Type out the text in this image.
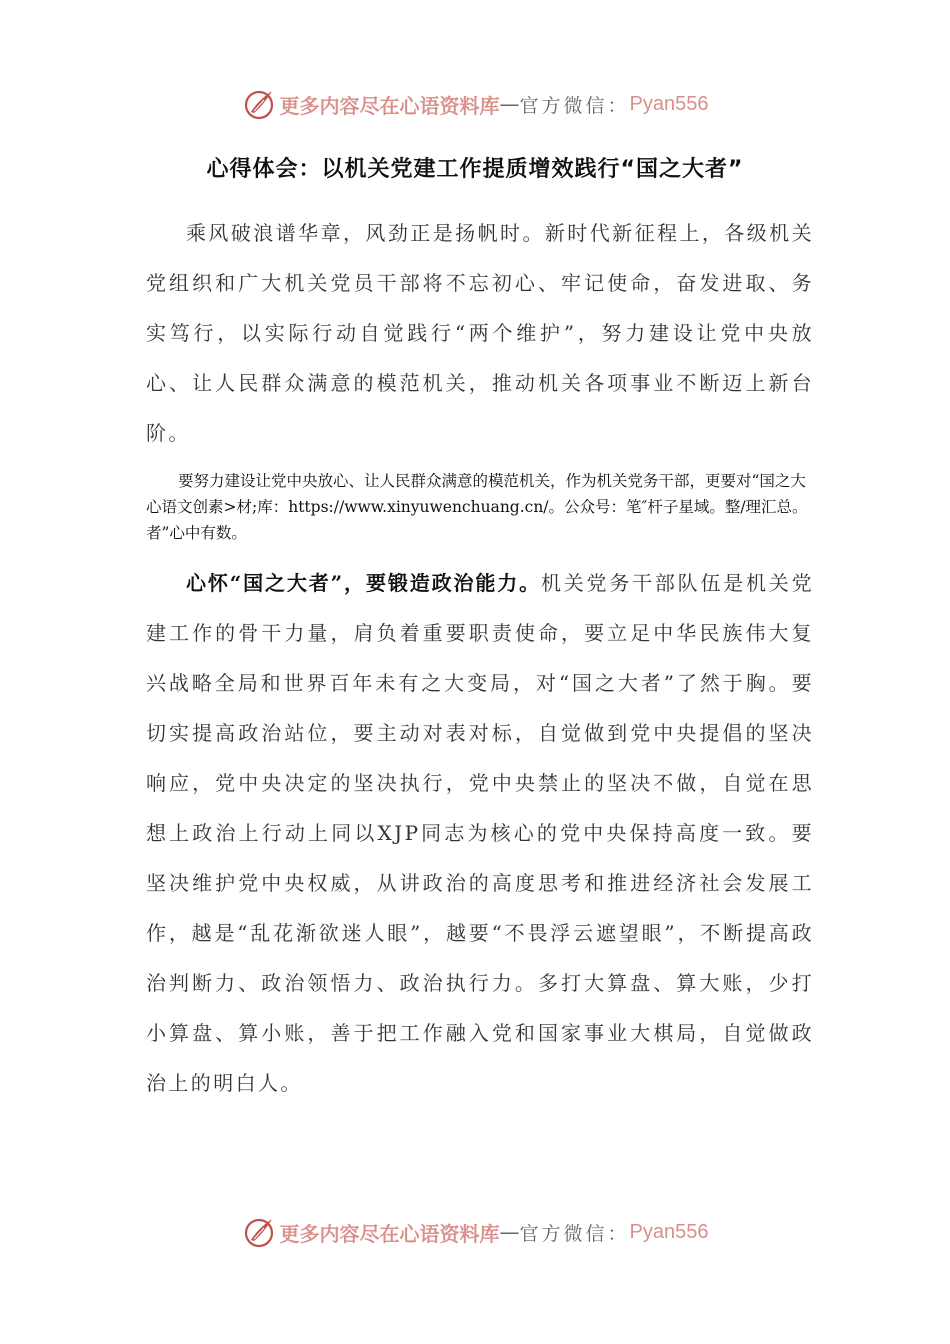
更多内容尽在心语资料库 — 官方微信： Pyan556
心得体会：以机关党建工作提质增效践行“国之大者”

乘风破浪谱华章，风劲正是扬帆时。新时代新征程上，各级机关党组织和广大机关党员干部将不忘初心、牢记使命，奋发进取、务实笃行，以实际行动自觉践行“两个维护”，努力建设让党中央放心、让人民群众满意的模范机关，推动机关各项事业不断迈上新台阶。

要努力建设让党中央放心、让人民群众满意的模范机关，作为机关党务干部，更要对“国之大心语文创素>材;库：https://www.xinyuwenchuang.cn/。公众号：笔″杆子星域。整/理汇总。者”心中有数。

心怀“国之大者”，要锻造政治能力。机关党务干部队伍是机关党建工作的骨干力量，肩负着重要职责使命，要立足中华民族伟大复兴战略全局和世界百年未有之大变局，对“国之大者”了然于胸。要切实提高政治站位，要主动对表对标，自觉做到党中央提倡的坚决响应，党中央决定的坚决执行，党中央禁止的坚决不做，自觉在思想上政治上行动上同以XJP同志为核心的党中央保持高度一致。要坚决维护党中央权威，从讲政治的高度思考和推进经济社会发展工作，越是“乱花渐欲迷人眼”，越要“不畏浮云遮望眼”，不断提高政治判断力、政治领悟力、政治执行力。多打大算盘、算大账，少打小算盘、算小账，善于把工作融入党和国家事业大棋局，自觉做政治上的明白人。

更多内容尽在心语资料库 — 官方微信： Pyan556
